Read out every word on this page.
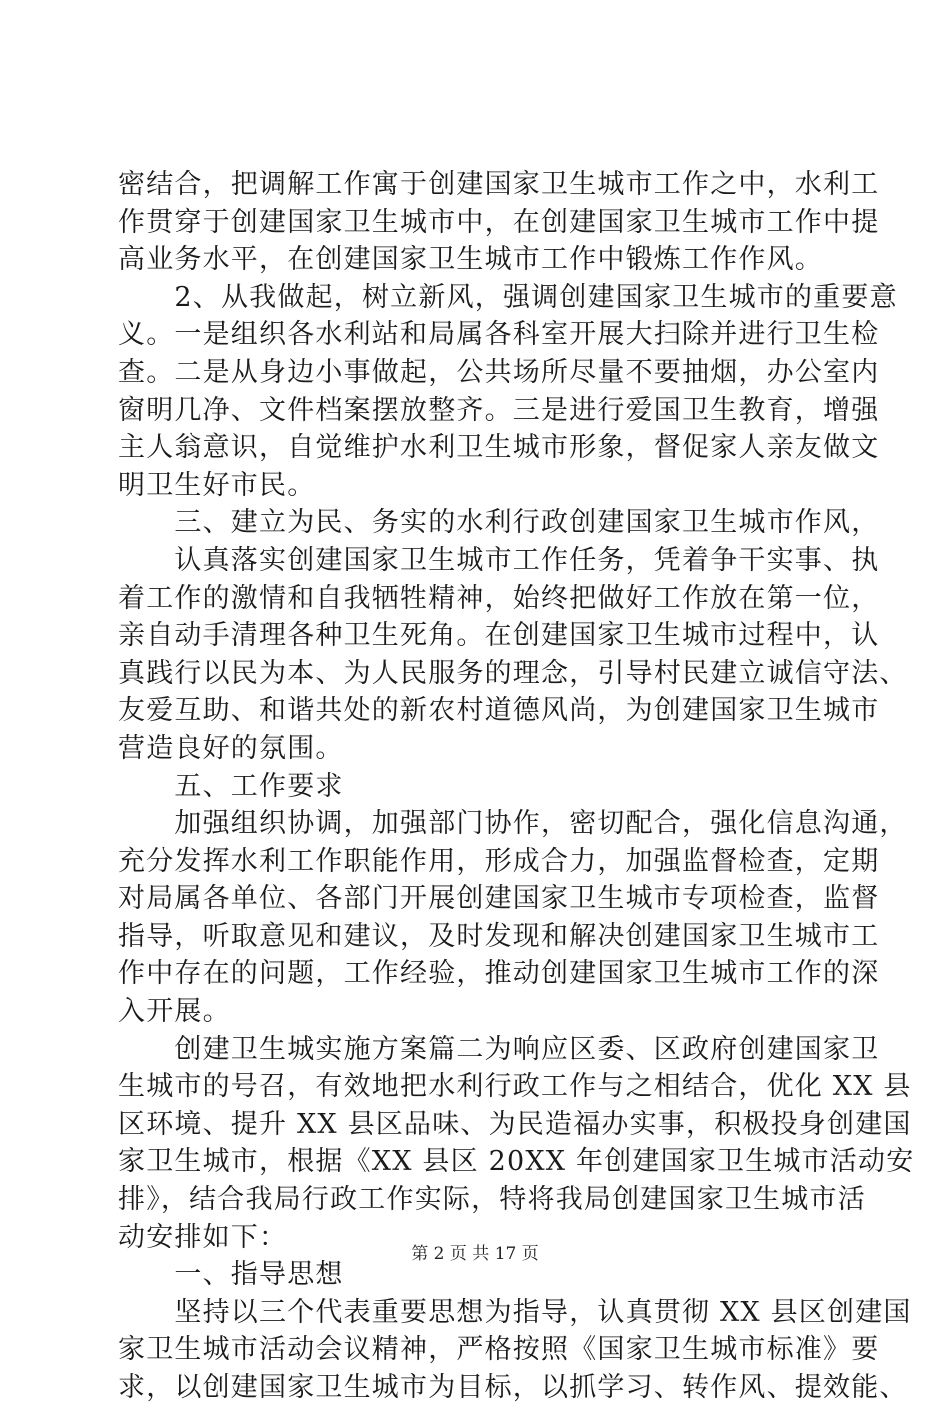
密结合，把调解工作寓于创建国家卫生城市工作之中，水利工
作贯穿于创建国家卫生城市中，在创建国家卫生城市工作中提
高业务水平，在创建国家卫生城市工作中锻炼工作作风。
　　2、从我做起，树立新风，强调创建国家卫生城市的重要意
义。一是组织各水利站和局属各科室开展大扫除并进行卫生检
查。二是从身边小事做起，公共场所尽量不要抽烟，办公室内
窗明几净、文件档案摆放整齐。三是进行爱国卫生教育，增强
主人翁意识，自觉维护水利卫生城市形象，督促家人亲友做文
明卫生好市民。
　　三、建立为民、务实的水利行政创建国家卫生城市作风，
　　认真落实创建国家卫生城市工作任务，凭着争干实事、执
着工作的激情和自我牺牲精神，始终把做好工作放在第一位，
亲自动手清理各种卫生死角。在创建国家卫生城市过程中，认
真践行以民为本、为人民服务的理念，引导村民建立诚信守法、
友爱互助、和谐共处的新农村道德风尚，为创建国家卫生城市
营造良好的氛围。
　　五、工作要求
　　加强组织协调，加强部门协作，密切配合，强化信息沟通，
充分发挥水利工作职能作用，形成合力，加强监督检查，定期
对局属各单位、各部门开展创建国家卫生城市专项检查，监督
指导，听取意见和建议，及时发现和解决创建国家卫生城市工
作中存在的问题，工作经验，推动创建国家卫生城市工作的深
入开展。
　　创建卫生城实施方案篇二为响应区委、区政府创建国家卫
生城市的号召，有效地把水利行政工作与之相结合，优化 XX 县
区环境、提升 XX 县区品味、为民造福办实事，积极投身创建国
家卫生城市，根据《XX 县区 20XX 年创建国家卫生城市活动安
排》，结合我局行政工作实际，特将我局创建国家卫生城市活
动安排如下：
　　一、指导思想
　　坚持以三个代表重要思想为指导，认真贯彻 XX 县区创建国
家卫生城市活动会议精神，严格按照《国家卫生城市标准》要
求，以创建国家卫生城市为目标，以抓学习、转作风、提效能、
第 2 页 共 17 页
